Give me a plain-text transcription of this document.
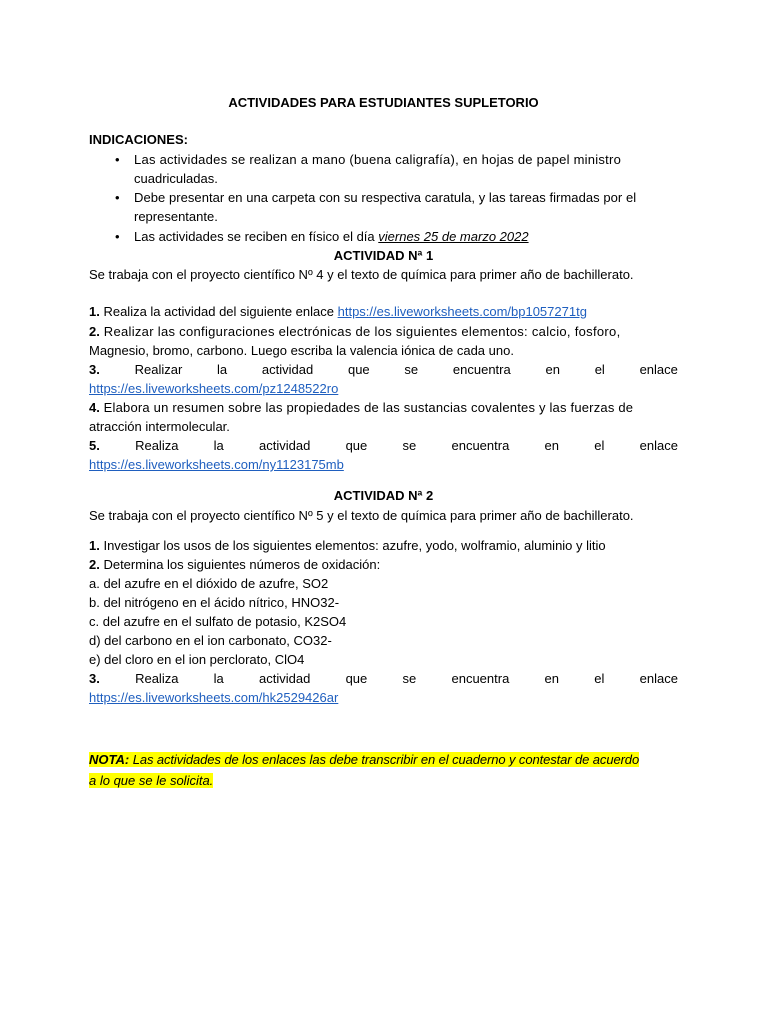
ACTIVIDADES PARA ESTUDIANTES SUPLETORIO
INDICACIONES:
• Las actividades se realizan a mano (buena caligrafía), en hojas de papel ministro
cuadriculadas.
• Debe presentar en una carpeta con su respectiva caratula, y las tareas firmadas por el
representante.
• Las actividades se reciben en físico el día viernes 25 de marzo 2022
ACTIVIDAD Nª 1
Se trabaja con el proyecto científico Nº 4 y el texto de química para primer año de bachillerato.
1. Realiza la actividad del siguiente enlace https://es.liveworksheets.com/bp1057271tg
2. Realizar las configuraciones electrónicas de los siguientes elementos: calcio, fosforo,
Magnesio, bromo, carbono. Luego escriba la valencia iónica de cada uno.
3.	Realizar	la	actividad	que	se	encuentra	en	el	enlace
https://es.liveworksheets.com/pz1248522ro
4. Elabora un resumen sobre las propiedades de las sustancias covalentes y las fuerzas de
atracción intermolecular.
5.	Realiza	la	actividad	que	se	encuentra	en	el	enlace
https://es.liveworksheets.com/ny1123175mb
ACTIVIDAD Nª 2
Se trabaja con el proyecto científico Nº 5 y el texto de química para primer año de bachillerato.
1. Investigar los usos de los siguientes elementos: azufre, yodo, wolframio, aluminio y litio
2. Determina los siguientes números de oxidación:
a. del azufre en el dióxido de azufre, SO2
b. del nitrógeno en el ácido nítrico, HNO32-
c. del azufre en el sulfato de potasio, K2SO4
d) del carbono en el ion carbonato, CO32-
e) del cloro en el ion perclorato, ClO4
3.	Realiza	la	actividad	que	se	encuentra	en	el	enlace
https://es.liveworksheets.com/hk2529426ar
NOTA: Las actividades de los enlaces las debe transcribir en el cuaderno y contestar de acuerdo
a lo que se le solicita.
